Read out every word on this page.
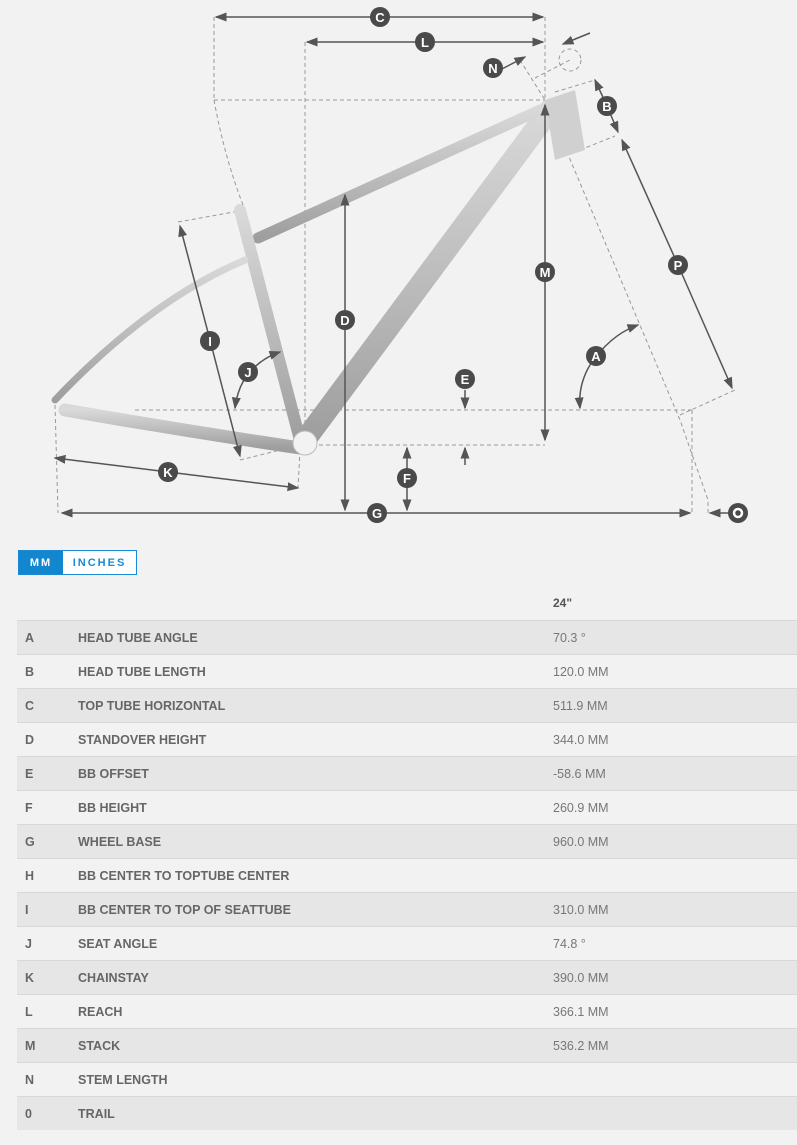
C
L
N
B
P
M
D
I
J
A
E
K	F
G
MM	INCHES
24"
A	HEAD TUBE ANGLE	70.3 °
B	HEAD TUBE LENGTH	120.0 MM
C	TOP TUBE HORIZONTAL	511.9 MM
D	STANDOVER HEIGHT	344.0 MM
E	BB OFFSET	-58.6 MM
F	BB HEIGHT	260.9 MM
G	WHEEL BASE	960.0 MM
H	BB CENTER TO TOPTUBE CENTER
I	BB CENTER TO TOP OF SEATTUBE	310.0 MM
J	SEAT ANGLE	74.8 °
K	CHAINSTAY	390.0 MM
L	REACH	366.1 MM
M	STACK	536.2 MM
N	STEM LENGTH
0	TRAIL
